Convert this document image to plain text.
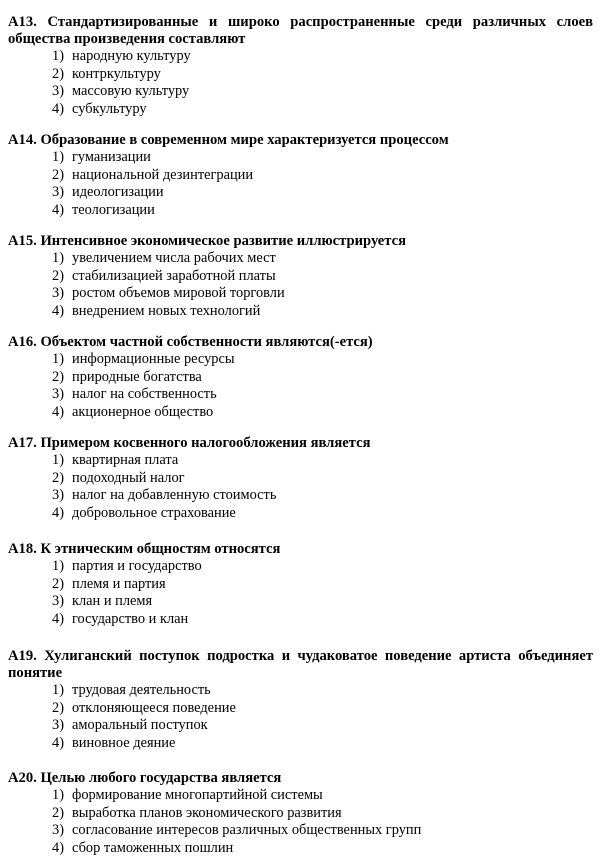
А13. Стандартизированные и широко распространенные среди различных слоев общества произведения составляют

1) народную культуру
2) контркультуру
3) массовую культуру
4) субкультуру

А14. Образование в современном мире характеризуется процессом

1) гуманизации
2) национальной дезинтеграции
3) идеологизации
4) теологизации

А15. Интенсивное экономическое развитие иллюстрируется

1) увеличением числа рабочих мест
2) стабилизацией заработной платы
3) ростом объемов мировой торговли
4) внедрением новых технологий

А16. Объектом частной собственности являются(-ется)

1) информационные ресурсы
2) природные богатства
3) налог на собственность
4) акционерное общество

А17. Примером косвенного налогообложения является

1) квартирная плата
2) подоходный налог
3) налог на добавленную стоимость
4) добровольное страхование

А18. К этническим общностям относятся

1) партия и государство
2) племя и партия
3) клан и племя
4) государство и клан

А19. Хулиганский поступок подростка и чудаковатое поведение артиста объединяет понятие

1) трудовая деятельность
2) отклоняющееся поведение
3) аморальный поступок
4) виновное деяние

А20. Целью любого государства является

1) формирование многопартийной системы
2) выработка планов экономического развития
3) согласование интересов различных общественных групп
4) сбор таможенных пошлин
